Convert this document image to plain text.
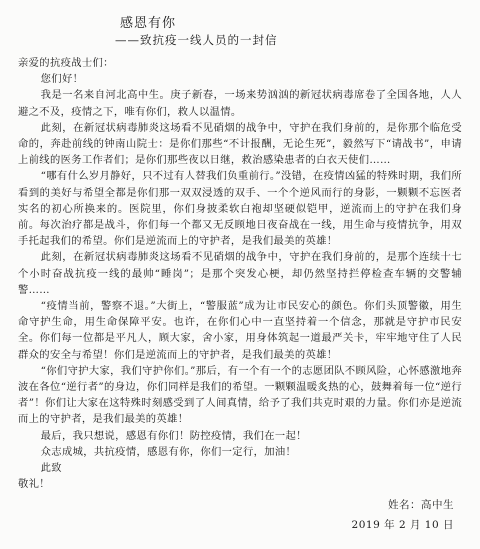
感恩有你
——致抗疫一线人员的一封信

亲爱的抗疫战士们：

您们好！

我是一名来自河北高中生。庚子新春，一场来势汹汹的新冠状病毒席卷了全国各地，人人避之不及，疫情之下，唯有你们，救人以温情。

此刻，在新冠状病毒肺炎这场看不见硝烟的战争中，守护在我们身前的，是你那个临危受命的，奔赴前线的钟南山院士：是你们那些“不计报酬，无论生死”，毅然写下“请战书”，申请上前线的医务工作者们；是你们那些夜以日继，救治感染患者的白衣天使们……

“哪有什么岁月静好，只不过有人替我们负重前行。”没错，在疫情凶猛的特殊时期，我们所看到的美好与希望全都是你们那一双双浸透的双手、一个个逆风而行的身影，一颗颗不忘医者实名的初心所换来的。医院里，你们身披柔软白袍却坚硬似铠甲，逆流而上的守护在我们身前。每次治疗都是战斗，你们每一个都又无反顾地日夜奋战在一线，用生命与疫情抗争，用双手托起我们的希望。你们是逆流而上的守护者，是我们最美的英雄！

此刻，在新冠状病毒肺炎这场看不见硝烟的战争中，守护在我们身前的，是那个连续十七个小时奋战抗疫一线的最帅“睡岗”；是那个突发心梗，却仍然坚持拦停检查车辆的交警辅警……

“疫情当前，警察不退。”大街上，“警服蓝”成为让市民安心的颜色。你们头顶警徽，用生命守护生命，用生命保障平安。也许，在你们心中一直坚持着一个信念，那就是守护市民安全。你们每一位都是平凡人，顾大家，舍小家，用身体筑起一道最严关卡，牢牢地守住了人民群众的安全与希望！你们是逆流而上的守护者，是我们最美的英雄！

“你们守护大家，我们守护你们。”那后，有一个有一个的志愿团队不顾风险，心怀感激地奔波在各位“逆行者”的身边，你们同样是我们的希望。一颗颗温暖炙热的心，鼓舞着每一位“逆行者”！你们让大家在这特殊时刻感受到了人间真情，给予了我们共克时艰的力量。你们亦是逆流而上的守护者，是我们最美的英雄！

最后，我只想说，感恩有你们！防控疫情，我们在一起！

众志成城，共抗疫情，感恩有你，你们一定行，加油！

此致

敬礼！

姓名：高中生
2019 年 2 月 10 日
